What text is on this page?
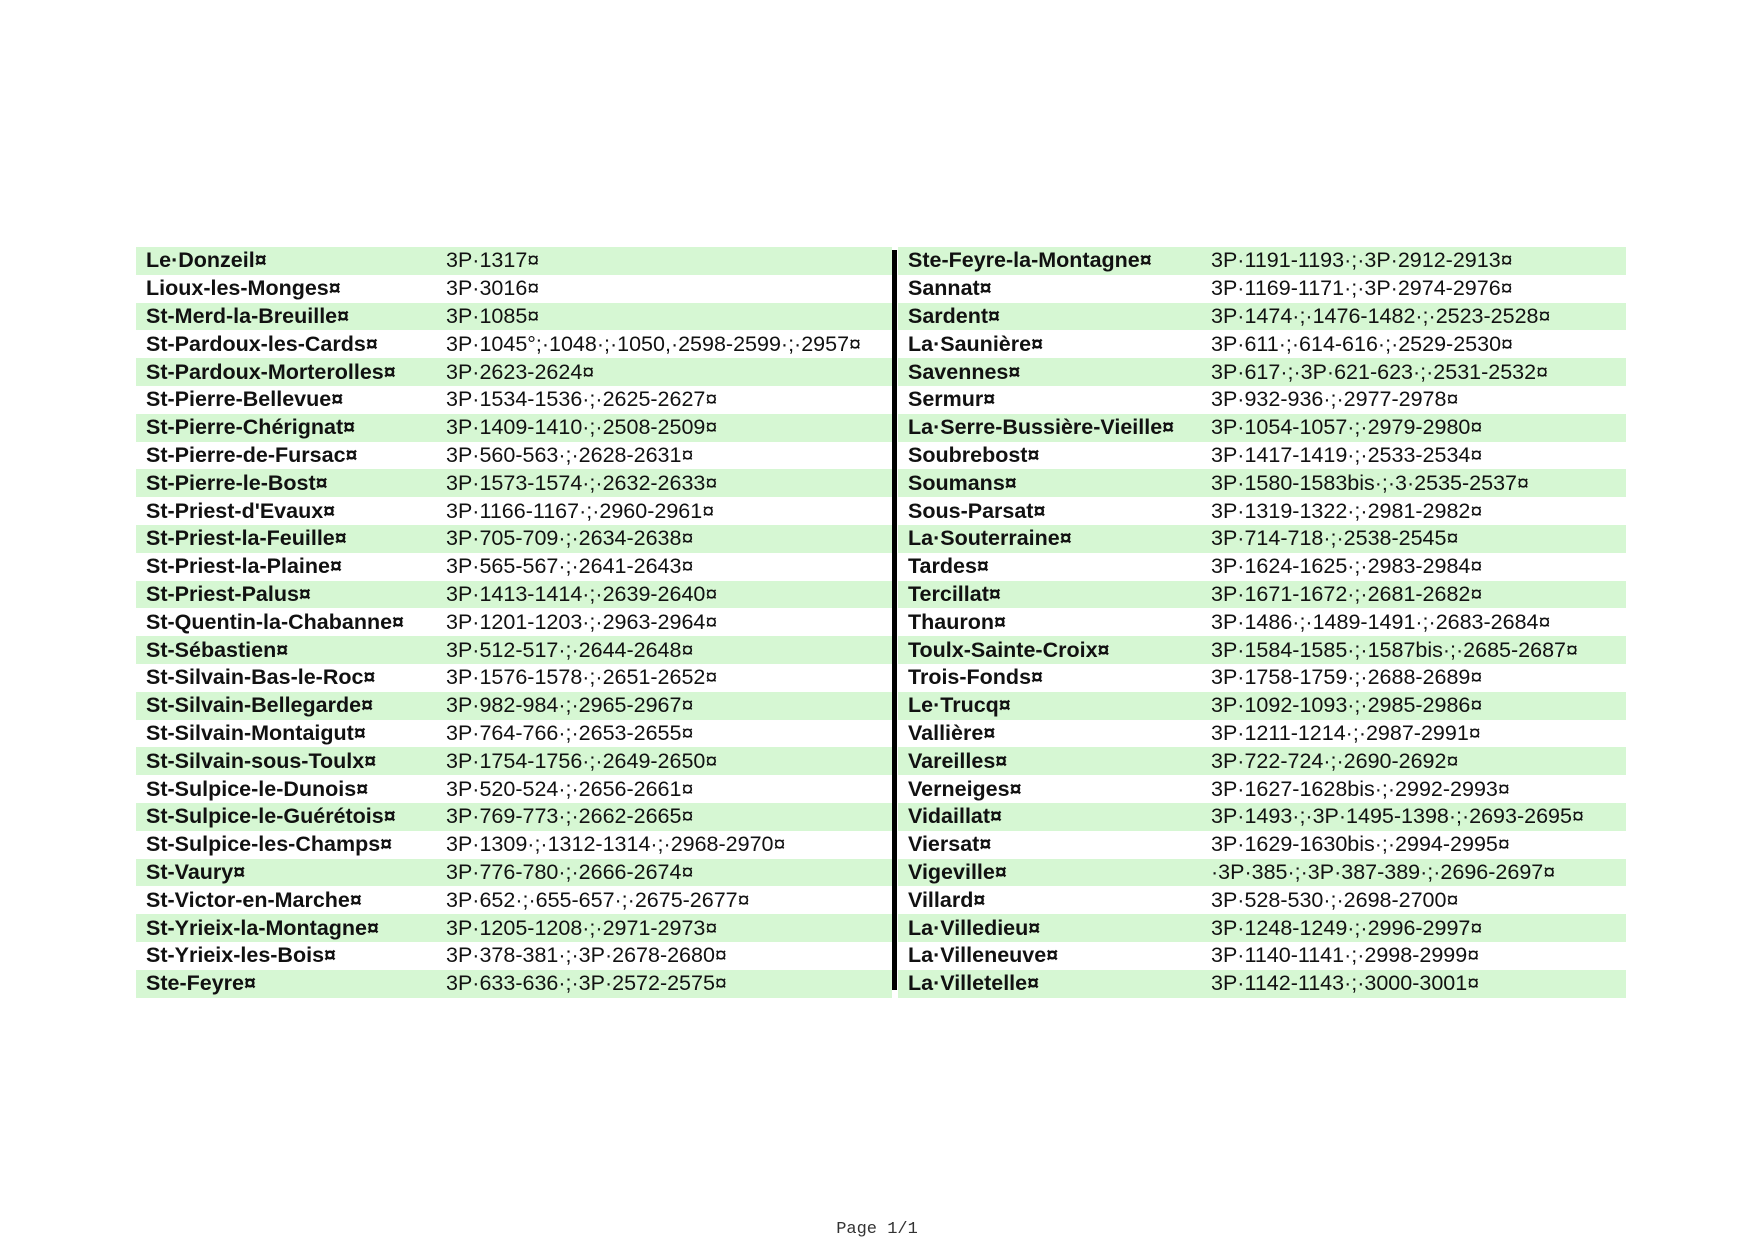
Le·Donzeil¤	3P·1317¤
Lioux-les-Monges¤	3P·3016¤
St-Merd-la-Breuille¤	3P·1085¤
St-Pardoux-les-Cards¤	3P·1045°;·1048·;·1050,·2598-2599·;·2957¤
St-Pardoux-Morterolles¤	3P·2623-2624¤
St-Pierre-Bellevue¤	3P·1534-1536·;·2625-2627¤
St-Pierre-Chérignat¤	3P·1409-1410·;·2508-2509¤
St-Pierre-de-Fursac¤	3P·560-563·;·2628-2631¤
St-Pierre-le-Bost¤	3P·1573-1574·;·2632-2633¤
St-Priest-d'Evaux¤	3P·1166-1167·;·2960-2961¤
St-Priest-la-Feuille¤	3P·705-709·;·2634-2638¤
St-Priest-la-Plaine¤	3P·565-567·;·2641-2643¤
St-Priest-Palus¤	3P·1413-1414·;·2639-2640¤
St-Quentin-la-Chabanne¤	3P·1201-1203·;·2963-2964¤
St-Sébastien¤	3P·512-517·;·2644-2648¤
St-Silvain-Bas-le-Roc¤	3P·1576-1578·;·2651-2652¤
St-Silvain-Bellegarde¤	3P·982-984·;·2965-2967¤
St-Silvain-Montaigut¤	3P·764-766·;·2653-2655¤
St-Silvain-sous-Toulx¤	3P·1754-1756·;·2649-2650¤
St-Sulpice-le-Dunois¤	3P·520-524·;·2656-2661¤
St-Sulpice-le-Guérétois¤	3P·769-773·;·2662-2665¤
St-Sulpice-les-Champs¤	3P·1309·;·1312-1314·;·2968-2970¤
St-Vaury¤	3P·776-780·;·2666-2674¤
St-Victor-en-Marche¤	3P·652·;·655-657·;·2675-2677¤
St-Yrieix-la-Montagne¤	3P·1205-1208·;·2971-2973¤
St-Yrieix-les-Bois¤	3P·378-381·;·3P·2678-2680¤
Ste-Feyre¤	3P·633-636·;·3P·2572-2575¤
Ste-Feyre-la-Montagne¤	3P·1191-1193·;·3P·2912-2913¤
Sannat¤	3P·1169-1171·;·3P·2974-2976¤
Sardent¤	3P·1474·;·1476-1482·;·2523-2528¤
La·Saunière¤	3P·611·;·614-616·;·2529-2530¤
Savennes¤	3P·617·;·3P·621-623·;·2531-2532¤
Sermur¤	3P·932-936·;·2977-2978¤
La·Serre-Bussière-Vieille¤	3P·1054-1057·;·2979-2980¤
Soubrebost¤	3P·1417-1419·;·2533-2534¤
Soumans¤	3P·1580-1583bis·;·3·2535-2537¤
Sous-Parsat¤	3P·1319-1322·;·2981-2982¤
La·Souterraine¤	3P·714-718·;·2538-2545¤
Tardes¤	3P·1624-1625·;·2983-2984¤
Tercillat¤	3P·1671-1672·;·2681-2682¤
Thauron¤	3P·1486·;·1489-1491·;·2683-2684¤
Toulx-Sainte-Croix¤	3P·1584-1585·;·1587bis·;·2685-2687¤
Trois-Fonds¤	3P·1758-1759·;·2688-2689¤
Le·Trucq¤	3P·1092-1093·;·2985-2986¤
Vallière¤	3P·1211-1214·;·2987-2991¤
Vareilles¤	3P·722-724·;·2690-2692¤
Verneiges¤	3P·1627-1628bis·;·2992-2993¤
Vidaillat¤	3P·1493·;·3P·1495-1398·;·2693-2695¤
Viersat¤	3P·1629-1630bis·;·2994-2995¤
Vigeville¤	·3P·385·;·3P·387-389·;·2696-2697¤
Villard¤	3P·528-530·;·2698-2700¤
La·Villedieu¤	3P·1248-1249·;·2996-2997¤
La·Villeneuve¤	3P·1140-1141·;·2998-2999¤
La·Villetelle¤	3P·1142-1143·;·3000-3001¤
Page 1/1
